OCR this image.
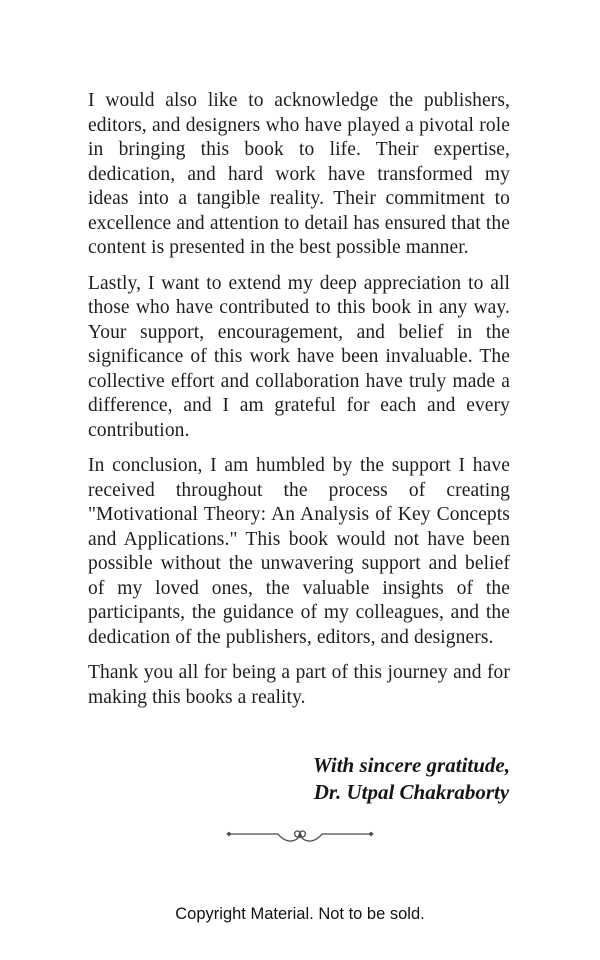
I would also like to acknowledge the publishers, editors, and designers who have played a pivotal role in bringing this book to life. Their expertise, dedication, and hard work have transformed my ideas into a tangible reality. Their commitment to excellence and attention to detail has ensured that the content is presented in the best possible manner.

Lastly, I want to extend my deep appreciation to all those who have contributed to this book in any way. Your support, encouragement, and belief in the significance of this work have been invaluable. The collective effort and collaboration have truly made a difference, and I am grateful for each and every contribution.

In conclusion, I am humbled by the support I have received throughout the process of creating "Motivational Theory: An Analysis of Key Concepts and Applications." This book would not have been possible without the unwavering support and belief of my loved ones, the valuable insights of the participants, the guidance of my colleagues, and the dedication of the publishers, editors, and designers.

Thank you all for being a part of this journey and for making this books a reality.

With sincere gratitude,
Dr. Utpal Chakraborty
Copyright Material. Not to be sold.
